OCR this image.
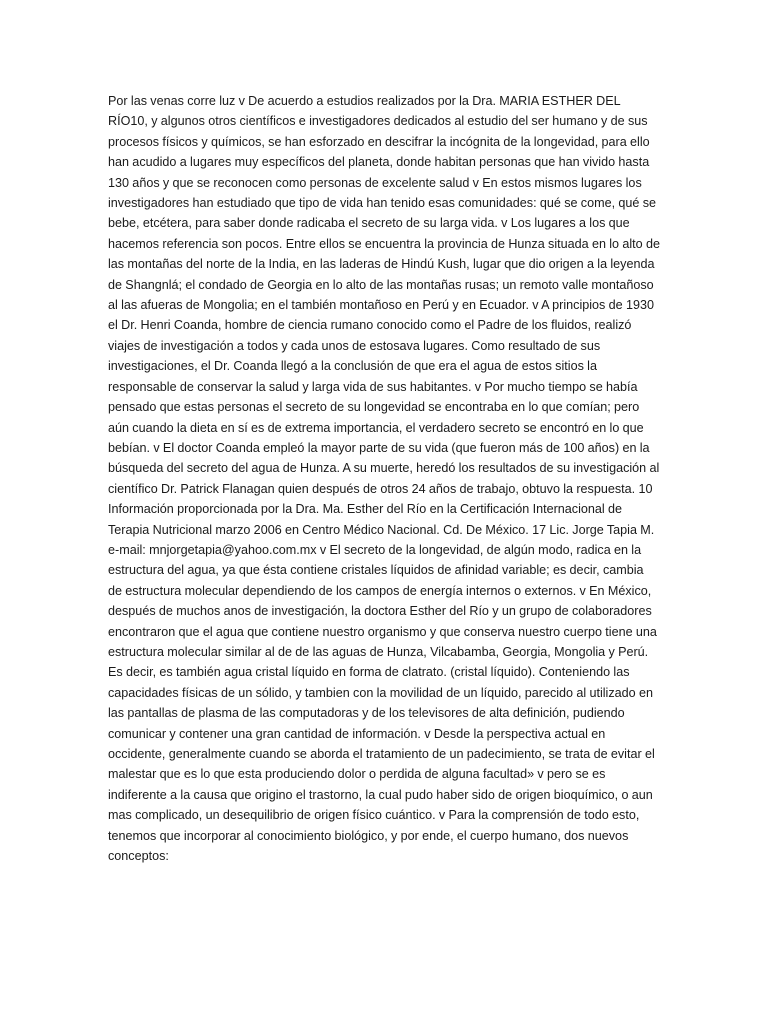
Por las venas corre luz v De acuerdo a estudios realizados por la Dra. MARIA ESTHER DEL RÍO10, y algunos otros científicos e investigadores dedicados al estudio del ser humano y de sus procesos físicos y químicos, se han esforzado en descifrar la incógnita de la longevidad, para ello han acudido a lugares muy específicos del planeta, donde habitan personas que han vivido hasta 130 años y que se reconocen como personas de excelente salud v En estos mismos lugares los investigadores han estudiado que tipo de vida han tenido esas comunidades: qué se come, qué se bebe, etcétera, para saber donde radicaba el secreto de su larga vida. v Los lugares a los que hacemos referencia son pocos. Entre ellos se encuentra la provincia de Hunza situada en lo alto de las montañas del norte de la India, en las laderas de Hindú Kush, lugar que dio origen a la leyenda de Shangnlá; el condado de Georgia en lo alto de las montañas rusas; un remoto valle montañoso al las afueras de Mongolia; en el también montañoso en Perú y en Ecuador. v A principios de 1930 el Dr. Henri Coanda, hombre de ciencia rumano conocido como el Padre de los fluidos, realizó viajes de investigación a todos y cada unos de estosava lugares. Como resultado de sus investigaciones, el Dr. Coanda llegó a la conclusión de que era el agua de estos sitios la responsable de conservar la salud y larga vida de sus habitantes. v Por mucho tiempo se había pensado que estas personas el secreto de su longevidad se encontraba en lo que comían; pero aún cuando la dieta en sí es de extrema importancia, el verdadero secreto se encontró en lo que bebían. v El doctor Coanda empleó la mayor parte de su vida (que fueron más de 100 años) en la búsqueda del secreto del agua de Hunza. A su muerte, heredó los resultados de su investigación al científico Dr. Patrick Flanagan quien después de otros 24 años de trabajo, obtuvo la respuesta. 10 Información proporcionada por la Dra. Ma. Esther del Río en la Certificación Internacional de Terapia Nutricional marzo 2006 en Centro Médico Nacional. Cd. De México. 17 Lic. Jorge Tapia M. e-mail: mnjorgetapia@yahoo.com.mx v El secreto de la longevidad, de algún modo, radica en la estructura del agua, ya que ésta contiene cristales líquidos de afinidad variable; es decir, cambia de estructura molecular dependiendo de los campos de energía internos o externos. v En México, después de muchos anos de investigación, la doctora Esther del Río y un grupo de colaboradores encontraron que el agua que contiene nuestro organismo y que conserva nuestro cuerpo tiene una estructura molecular similar al de de las aguas de Hunza, Vilcabamba, Georgia, Mongolia y Perú. Es decir, es también agua cristal líquido en forma de clatrato. (cristal líquido). Conteniendo las capacidades físicas de un sólido, y tambien con la movilidad de un líquido, parecido al utilizado en las pantallas de plasma de las computadoras y de los televisores de alta definición, pudiendo comunicar y contener una gran cantidad de información. v Desde la perspectiva actual en occidente, generalmente cuando se aborda el tratamiento de un padecimiento, se trata de evitar el malestar que es lo que esta produciendo dolor o perdida de alguna facultad» v pero se es indiferente a la causa que origino el trastorno, la cual pudo haber sido de origen bioquímico, o aun mas complicado, un desequilibrio de origen físico cuántico. v Para la comprensión de todo esto, tenemos que incorporar al conocimiento biológico, y por ende, el cuerpo humano, dos nuevos conceptos:
